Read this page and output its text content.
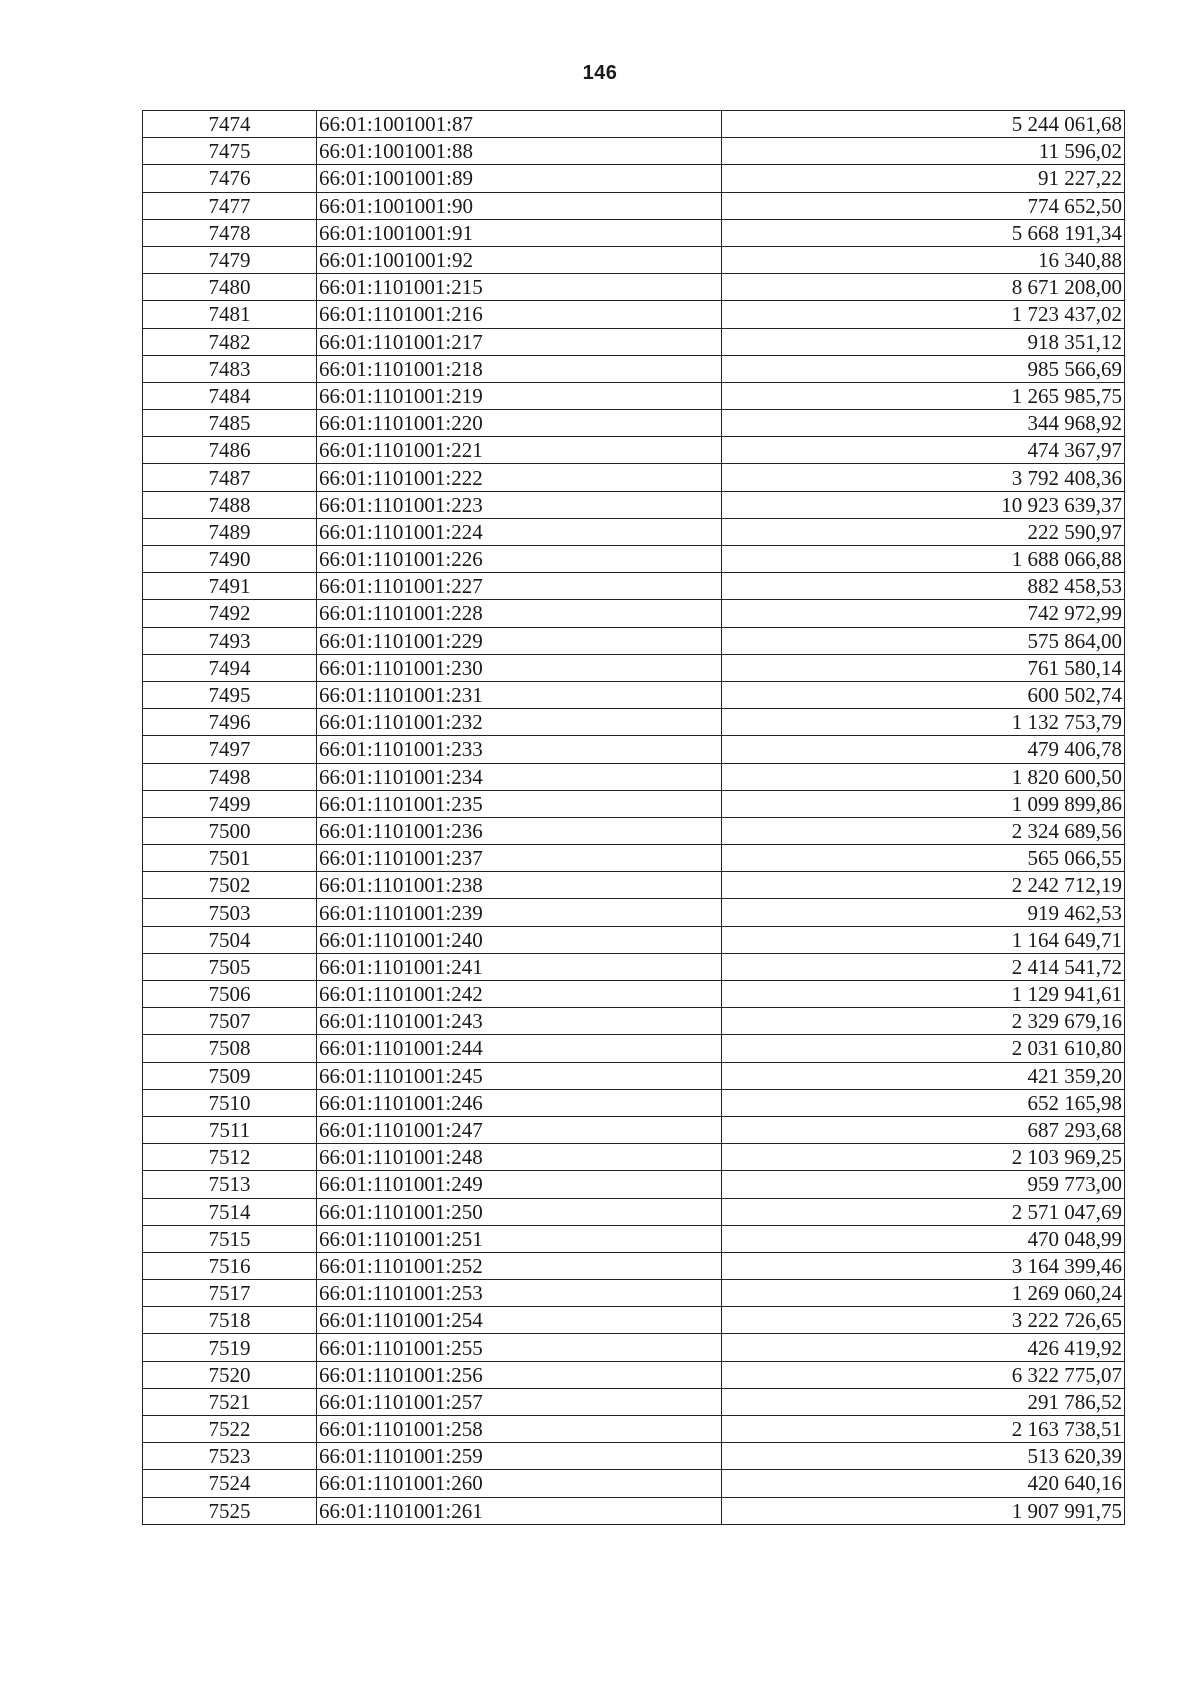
146
7474	66:01:1001001:87	5 244 061,68
7475	66:01:1001001:88	11 596,02
7476	66:01:1001001:89	91 227,22
7477	66:01:1001001:90	774 652,50
7478	66:01:1001001:91	5 668 191,34
7479	66:01:1001001:92	16 340,88
7480	66:01:1101001:215	8 671 208,00
7481	66:01:1101001:216	1 723 437,02
7482	66:01:1101001:217	918 351,12
7483	66:01:1101001:218	985 566,69
7484	66:01:1101001:219	1 265 985,75
7485	66:01:1101001:220	344 968,92
7486	66:01:1101001:221	474 367,97
7487	66:01:1101001:222	3 792 408,36
7488	66:01:1101001:223	10 923 639,37
7489	66:01:1101001:224	222 590,97
7490	66:01:1101001:226	1 688 066,88
7491	66:01:1101001:227	882 458,53
7492	66:01:1101001:228	742 972,99
7493	66:01:1101001:229	575 864,00
7494	66:01:1101001:230	761 580,14
7495	66:01:1101001:231	600 502,74
7496	66:01:1101001:232	1 132 753,79
7497	66:01:1101001:233	479 406,78
7498	66:01:1101001:234	1 820 600,50
7499	66:01:1101001:235	1 099 899,86
7500	66:01:1101001:236	2 324 689,56
7501	66:01:1101001:237	565 066,55
7502	66:01:1101001:238	2 242 712,19
7503	66:01:1101001:239	919 462,53
7504	66:01:1101001:240	1 164 649,71
7505	66:01:1101001:241	2 414 541,72
7506	66:01:1101001:242	1 129 941,61
7507	66:01:1101001:243	2 329 679,16
7508	66:01:1101001:244	2 031 610,80
7509	66:01:1101001:245	421 359,20
7510	66:01:1101001:246	652 165,98
7511	66:01:1101001:247	687 293,68
7512	66:01:1101001:248	2 103 969,25
7513	66:01:1101001:249	959 773,00
7514	66:01:1101001:250	2 571 047,69
7515	66:01:1101001:251	470 048,99
7516	66:01:1101001:252	3 164 399,46
7517	66:01:1101001:253	1 269 060,24
7518	66:01:1101001:254	3 222 726,65
7519	66:01:1101001:255	426 419,92
7520	66:01:1101001:256	6 322 775,07
7521	66:01:1101001:257	291 786,52
7522	66:01:1101001:258	2 163 738,51
7523	66:01:1101001:259	513 620,39
7524	66:01:1101001:260	420 640,16
7525	66:01:1101001:261	1 907 991,75
